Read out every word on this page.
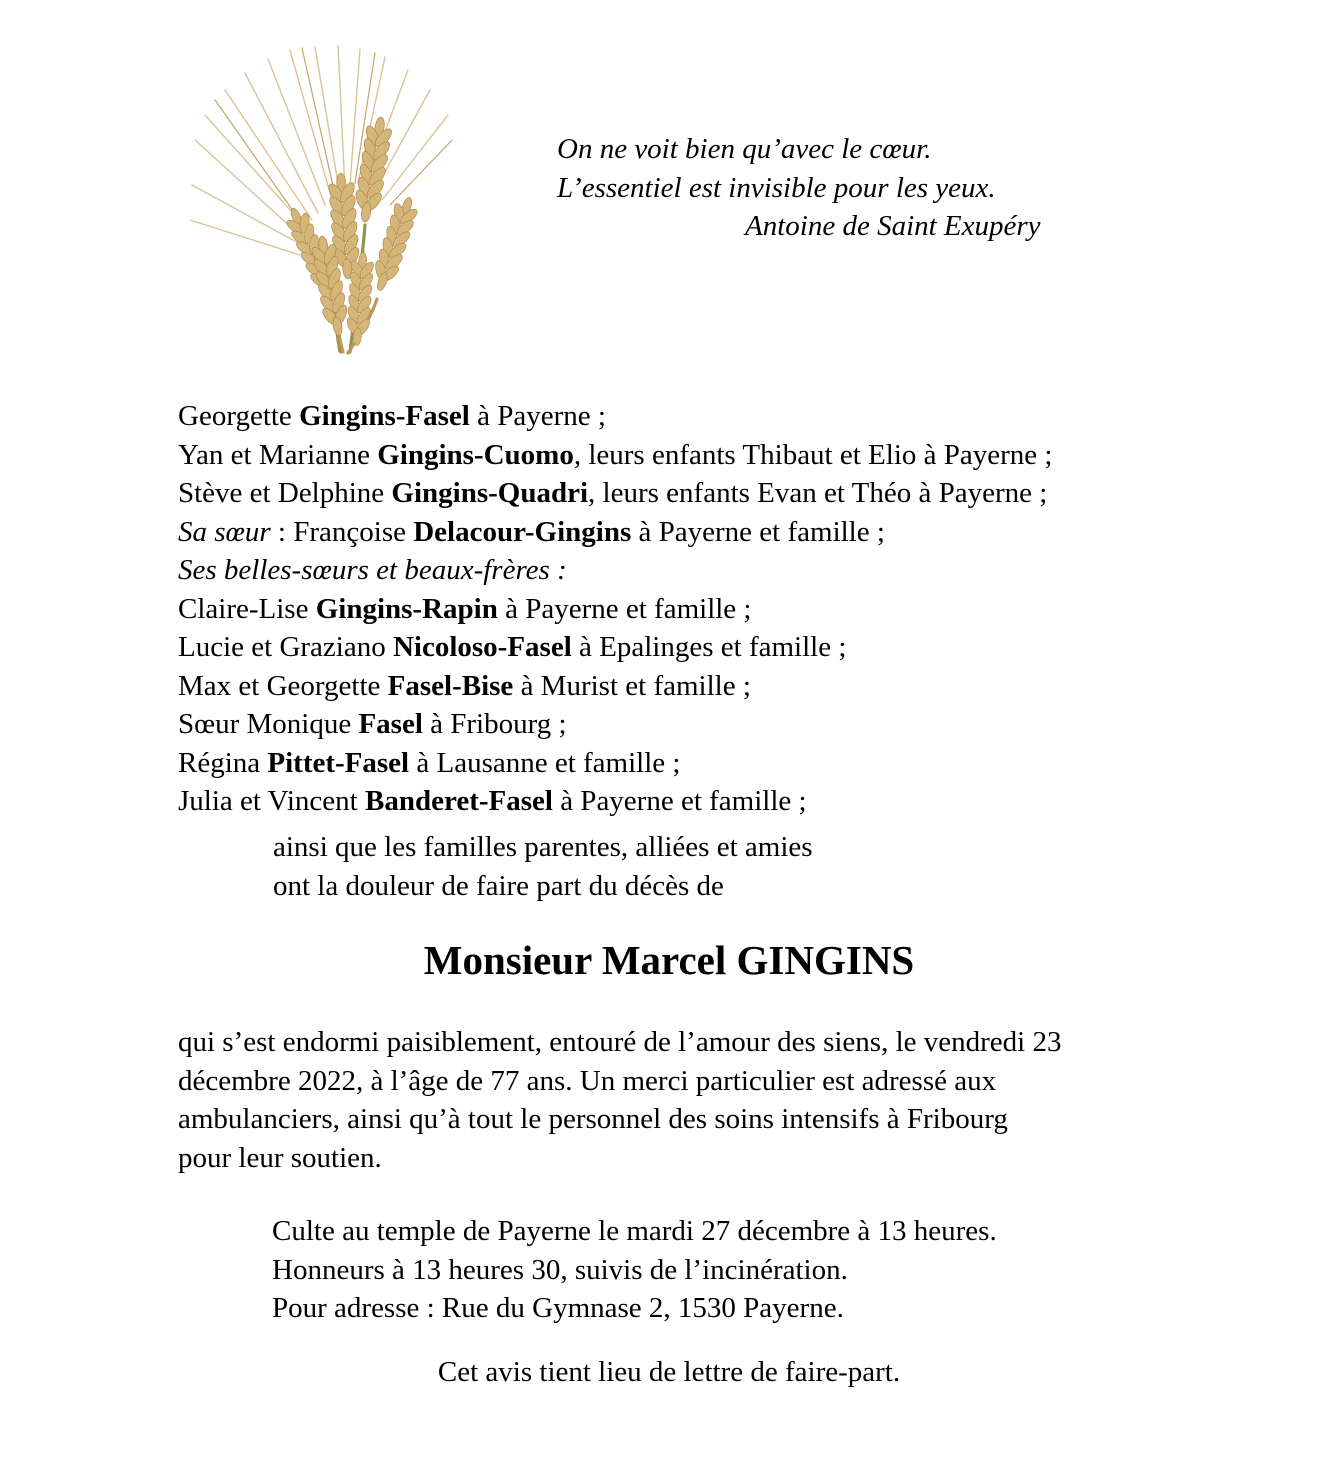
On ne voit bien qu’avec le cœur.
L’essentiel est invisible pour les yeux.
Antoine de Saint Exupéry
Georgette Gingins-Fasel à Payerne ;
Yan et Marianne Gingins-Cuomo, leurs enfants Thibaut et Elio à Payerne ;
Stève et Delphine Gingins-Quadri, leurs enfants Evan et Théo à Payerne ;
Sa sœur : Françoise Delacour-Gingins à Payerne et famille ;
Ses belles-sœurs et beaux-frères :
Claire-Lise Gingins-Rapin à Payerne et famille ;
Lucie et Graziano Nicoloso-Fasel à Epalinges et famille ;
Max et Georgette Fasel-Bise à Murist et famille ;
Sœur Monique Fasel à Fribourg ;
Régina Pittet-Fasel à Lausanne et famille ;
Julia et Vincent Banderet-Fasel à Payerne et famille ;
ainsi que les familles parentes, alliées et amies
ont la douleur de faire part du décès de
Monsieur Marcel GINGINS
qui s’est endormi paisiblement, entouré de l’amour des siens, le vendredi 23
décembre 2022, à l’âge de 77 ans. Un merci particulier est adressé aux
ambulanciers, ainsi qu’à tout le personnel des soins intensifs à Fribourg
pour leur soutien.
Culte au temple de Payerne le mardi 27 décembre à 13 heures.
Honneurs à 13 heures 30, suivis de l’incinération.
Pour adresse : Rue du Gymnase 2, 1530 Payerne.
Cet avis tient lieu de lettre de faire-part.
